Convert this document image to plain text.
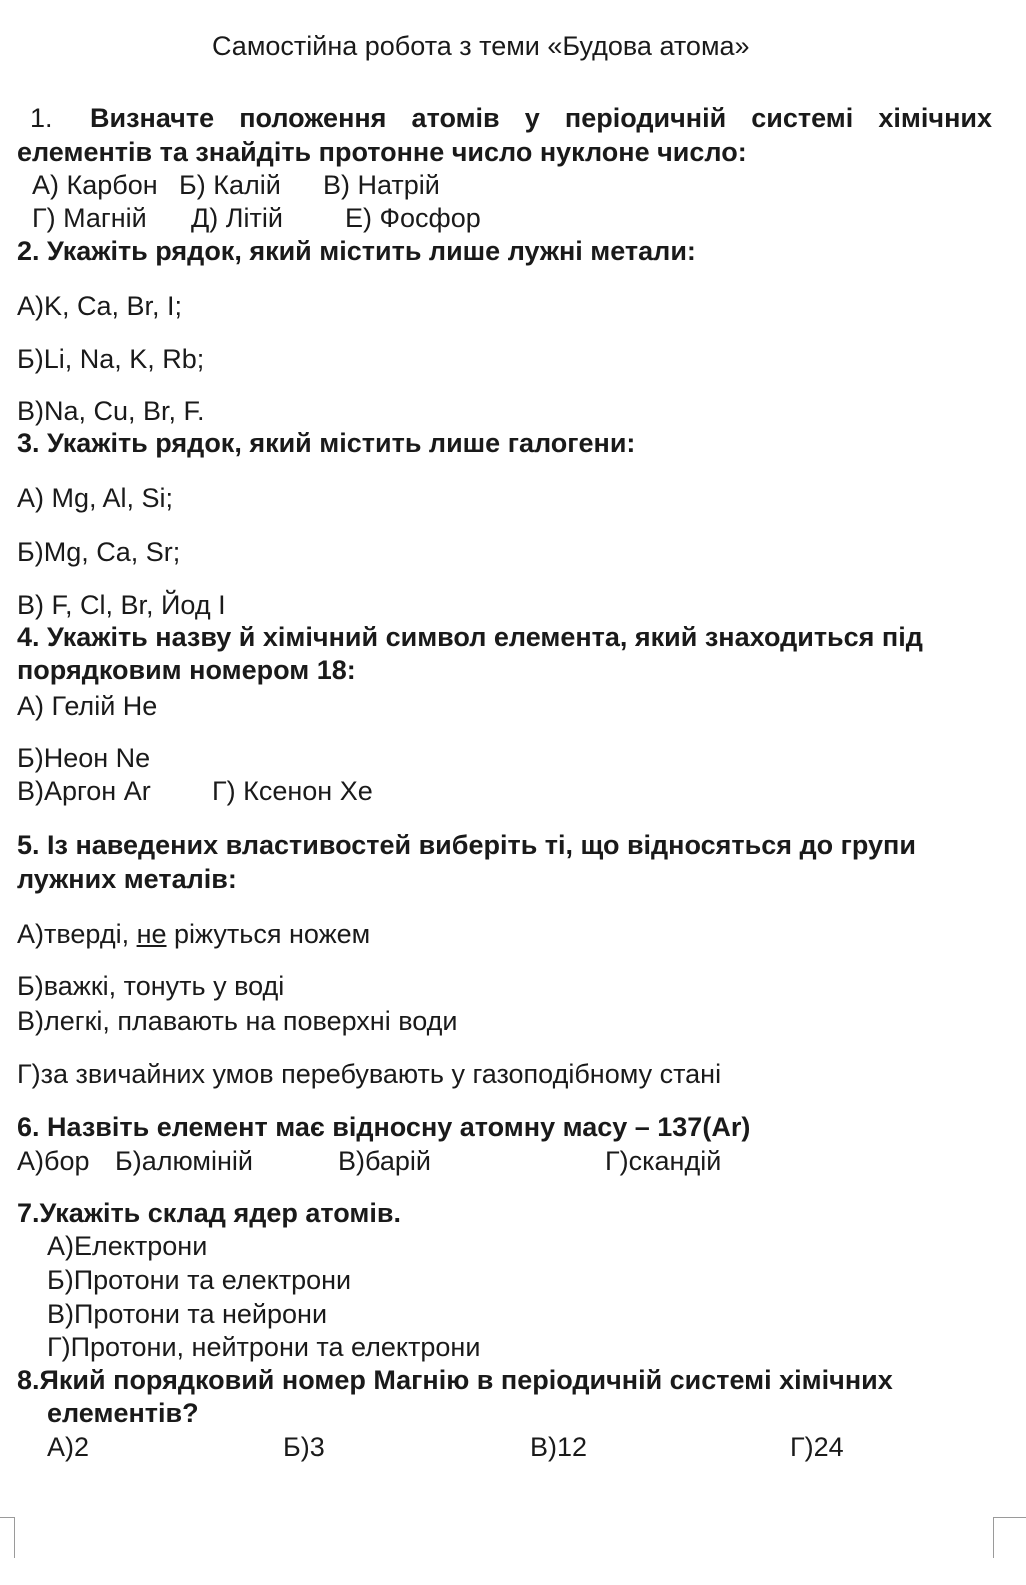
Самостійна робота з теми «Будова атома»
1. Визначте положення атомів у періодичній системі хімічних
елементів та знайдіть протонне число нуклоне число:
А) Карбон Б) Калій В) Натрій
Г) Магній Д) Літій Е) Фосфор
2. Укажіть рядок, який містить лише лужні метали:
А)K, Ca, Br, I;
Б)Li, Na, K, Rb;
В)Na, Cu, Br, F.
3. Укажіть рядок, який містить лише галогени:
А) Mg, Al, Si;
Б)Mg, Ca, Sr;
В) F, Cl, Br, Йод I
4. Укажіть назву й хімічний символ елемента, який знаходиться під
порядковим номером 18:
А) Гелій He
Б)Неон Ne
В)Аргон Ar Г) Ксенон Xe
5. Із наведених властивостей виберіть ті, що відносяться до групи
лужних металів:
А)тверді, не ріжуться ножем
Б)важкі, тонуть у воді
В)легкі, плавають на поверхні води
Г)за звичайних умов перебувають у газоподібному стані
6. Назвіть елемент має відносну атомну масу – 137(Ar)
А)бор Б)алюміній	В)барій	Г)скандій
7.Укажіть склад ядер атомів.
А)Електрони
Б)Протони та електрони
В)Протони та нейрони
Г)Протони, нейтрони та електрони
8.Який порядковий номер Магнію в періодичній системі хімічних
елементів?
А)2	Б)3	В)12	Г)24
